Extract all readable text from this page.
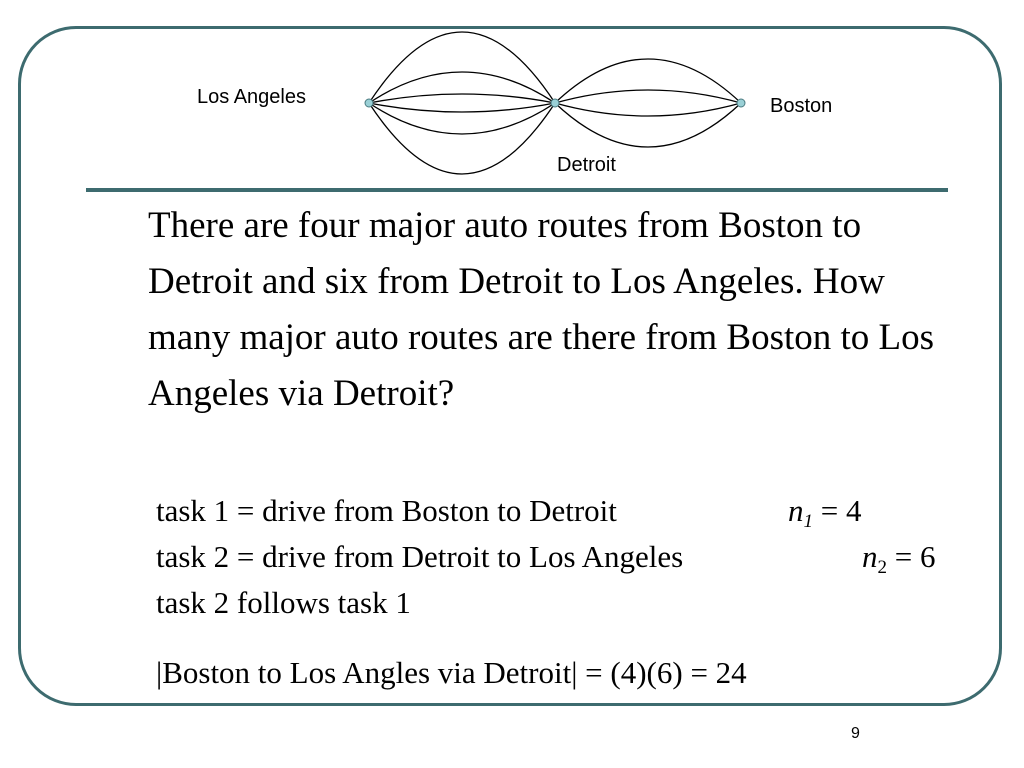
Los Angeles	Boston
Detroit

There are four major auto routes from Boston to Detroit and six from Detroit to Los Angeles. How many major auto routes are there from Boston to Los Angeles via Detroit?

task 1 = drive from Boston to Detroit	$n_1 = 4$
task 2 = drive from Detroit to Los Angeles	$n_2 = 6$
task 2 follows task 1
|Boston to Los Angles via Detroit| = (4)(6) = 24
9
